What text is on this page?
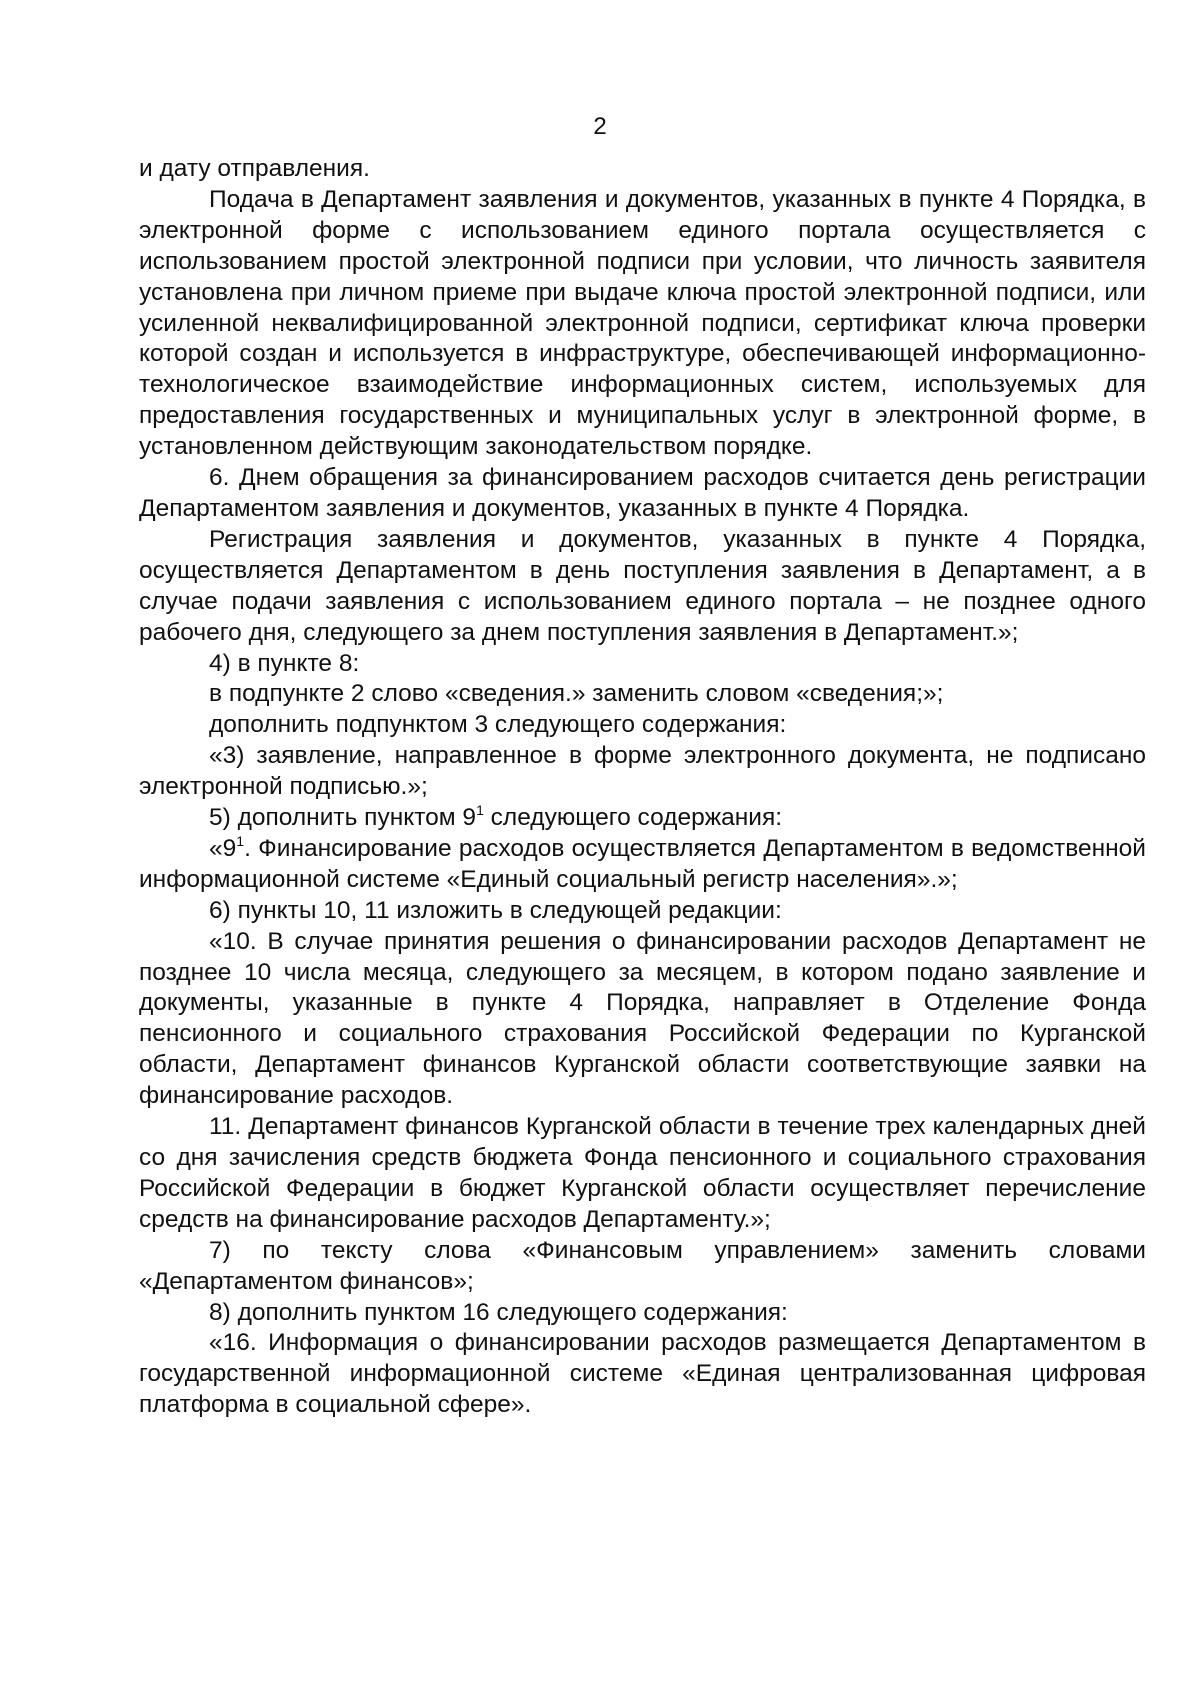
2

и дату отправления.

Подача в Департамент заявления и документов, указанных в пункте 4 Порядка, в электронной форме с использованием единого портала осуществляется с использованием простой электронной подписи при условии, что личность заявителя установлена при личном приеме при выдаче ключа простой электронной подписи, или усиленной неквалифицированной электронной подписи, сертификат ключа проверки которой создан и используется в инфраструктуре, обеспечивающей информационно-технологическое взаимодействие информационных систем, используемых для предоставления государственных и муниципальных услуг в электронной форме, в установленном действующим законодательством порядке.

6. Днем обращения за финансированием расходов считается день регистрации Департаментом заявления и документов, указанных в пункте 4 Порядка.

Регистрация заявления и документов, указанных в пункте 4 Порядка, осуществляется Департаментом в день поступления заявления в Департамент, а в случае подачи заявления с использованием единого портала – не позднее одного рабочего дня, следующего за днем поступления заявления в Департамент.»;

4) в пункте 8:

в подпункте 2 слово «сведения.» заменить словом «сведения;»;

дополнить подпунктом 3 следующего содержания:

«3) заявление, направленное в форме электронного документа, не подписано электронной подписью.»;

5) дополнить пунктом $9^1$ следующего содержания:

«$9^1$. Финансирование расходов осуществляется Департаментом в ведомственной информационной системе «Единый социальный регистр населения».»;

6) пункты 10, 11 изложить в следующей редакции:

«10. В случае принятия решения о финансировании расходов Департамент не позднее 10 числа месяца, следующего за месяцем, в котором подано заявление и документы, указанные в пункте 4 Порядка, направляет в Отделение Фонда пенсионного и социального страхования Российской Федерации по Курганской области, Департамент финансов Курганской области соответствующие заявки на финансирование расходов.

11. Департамент финансов Курганской области в течение трех календарных дней со дня зачисления средств бюджета Фонда пенсионного и социального страхования Российской Федерации в бюджет Курганской области осуществляет перечисление средств на финансирование расходов Департаменту.»;

7) по тексту слова «Финансовым управлением» заменить словами «Департаментом финансов»;

8) дополнить пунктом 16 следующего содержания:

«16. Информация о финансировании расходов размещается Департаментом в государственной информационной системе «Единая централизованная цифровая платформа в социальной сфере».
